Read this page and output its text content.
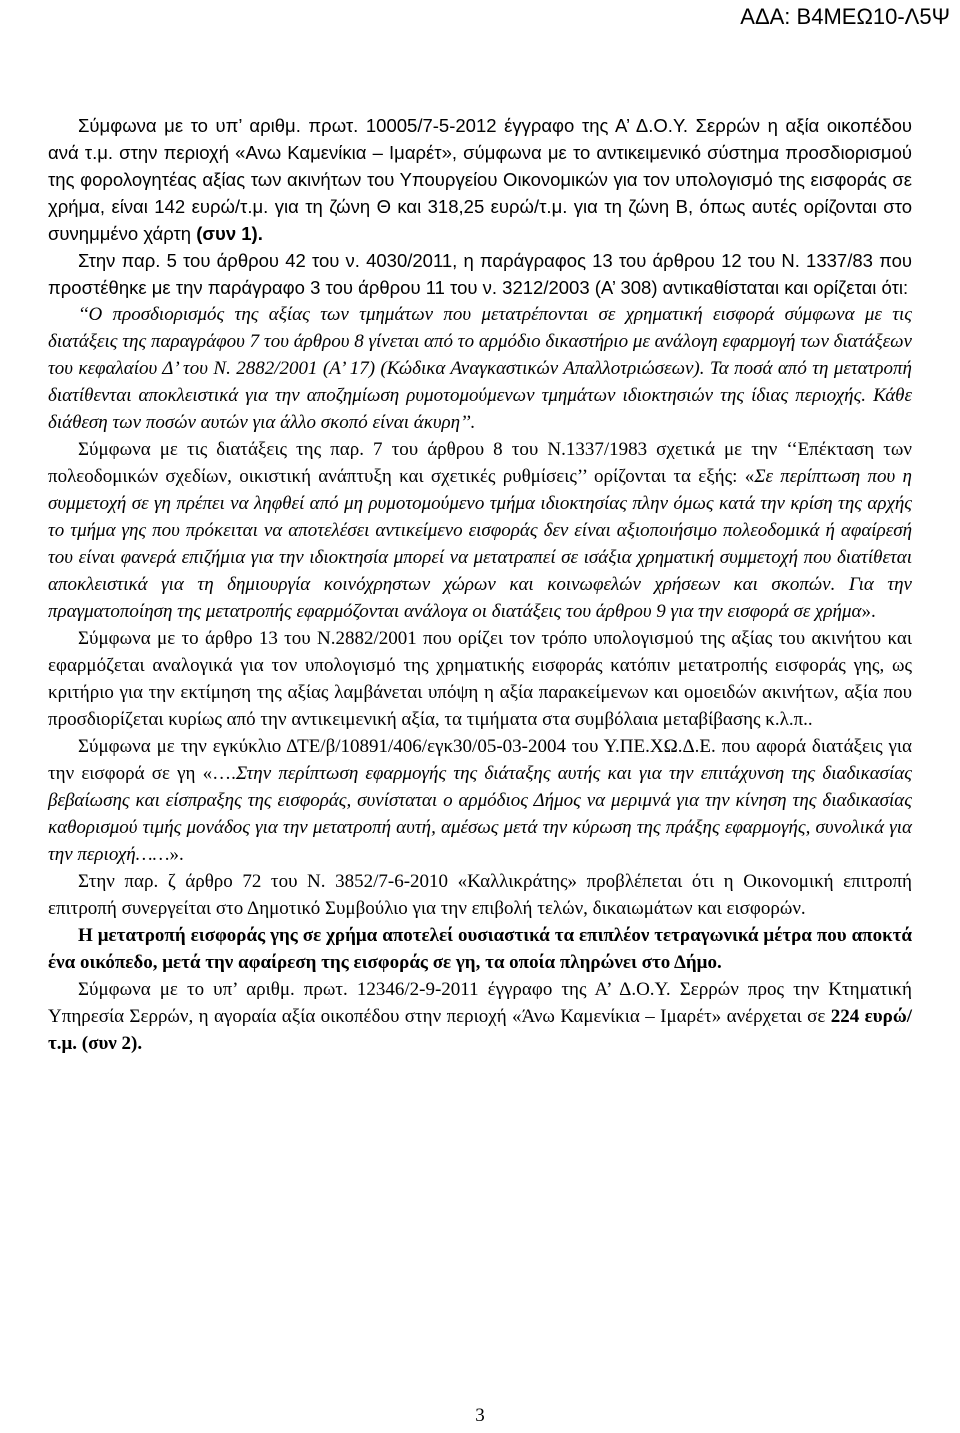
ΑΔΑ: Β4ΜΕΩ10-Λ5Ψ

Σύμφωνα με το υπ’ αριθμ. πρωτ. 10005/7-5-2012 έγγραφο της Α’ Δ.Ο.Υ. Σερρών η αξία οικοπέδου ανά τ.μ. στην περιοχή «Ανω Καμενίκια – Ιμαρέτ», σύμφωνα με το αντικειμενικό σύστημα προσδιορισμού της φορολογητέας αξίας των ακινήτων του Υπουργείου Οικονομικών για τον υπολογισμό της εισφοράς σε χρήμα, είναι 142 ευρώ/τ.μ. για τη ζώνη Θ και 318,25 ευρώ/τ.μ. για τη ζώνη Β, όπως αυτές ορίζονται στο συνημμένο χάρτη (συν 1).

Στην παρ. 5 του άρθρου 42 του ν. 4030/2011, η παράγραφος 13 του άρθρου 12 του Ν. 1337/83 που προστέθηκε με την παράγραφο 3 του άρθρου 11 του ν. 3212/2003 (Α’ 308) αντικαθίσταται και ορίζεται ότι:

‘‘Ο προσδιορισμός της αξίας των τμημάτων που μετατρέπονται σε χρηματική εισφορά σύμφωνα με τις διατάξεις της παραγράφου 7 του άρθρου 8 γίνεται από το αρμόδιο δικαστήριο με ανάλογη εφαρμογή των διατάξεων του κεφαλαίου Δ’ του Ν. 2882/2001 (Α’ 17) (Κώδικα Αναγκαστικών Απαλλοτριώσεων). Τα ποσά από τη μετατροπή διατίθενται αποκλειστικά για την αποζημίωση ρυμοτομούμενων τμημάτων ιδιοκτησιών της ίδιας περιοχής. Κάθε διάθεση των ποσών αυτών για άλλο σκοπό είναι άκυρη’’.

Σύμφωνα με τις διατάξεις της παρ. 7 του άρθρου 8 του Ν.1337/1983 σχετικά με την ‘‘Επέκταση των πολεοδομικών σχεδίων, οικιστική ανάπτυξη και σχετικές ρυθμίσεις’’ ορίζονται τα εξής: «Σε περίπτωση που η συμμετοχή σε γη πρέπει να ληφθεί από μη ρυμοτομούμενο τμήμα ιδιοκτησίας πλην όμως κατά την κρίση της αρχής το τμήμα γης που πρόκειται να αποτελέσει αντικείμενο εισφοράς δεν είναι αξιοποιήσιμο πολεοδομικά ή αφαίρεσή του είναι φανερά επιζήμια για την ιδιοκτησία μπορεί να μετατραπεί σε ισάξια χρηματική συμμετοχή που διατίθεται αποκλειστικά για τη δημιουργία κοινόχρηστων χώρων και κοινωφελών χρήσεων και σκοπών. Για την πραγματοποίηση της μετατροπής εφαρμόζονται ανάλογα οι διατάξεις του άρθρου 9 για την εισφορά σε χρήμα».

Σύμφωνα με το άρθρο 13 του Ν.2882/2001 που ορίζει τον τρόπο υπολογισμού της αξίας του ακινήτου και εφαρμόζεται αναλογικά για τον υπολογισμό της χρηματικής εισφοράς κατόπιν μετατροπής εισφοράς γης, ως κριτήριο για την εκτίμηση της αξίας λαμβάνεται υπόψη η αξία παρακείμενων και ομοειδών ακινήτων, αξία που προσδιορίζεται κυρίως από την αντικειμενική αξία, τα τιμήματα στα συμβόλαια μεταβίβασης κ.λ.π..

Σύμφωνα με την εγκύκλιο ΔΤΕ/β/10891/406/εγκ30/05-03-2004 του Υ.ΠΕ.ΧΩ.Δ.Ε. που αφορά διατάξεις για την εισφορά σε γη «….Στην περίπτωση εφαρμογής της διάταξης αυτής και για την επιτάχυνση της διαδικασίας βεβαίωσης και είσπραξης της εισφοράς, συνίσταται ο αρμόδιος Δήμος να μεριμνά για την κίνηση της διαδικασίας καθορισμού τιμής μονάδος για την μετατροπή αυτή, αμέσως μετά την κύρωση της πράξης εφαρμογής, συνολικά για την περιοχή……».

Στην παρ. ζ άρθρο 72 του Ν. 3852/7-6-2010 «Καλλικράτης» προβλέπεται ότι η Οικονομική επιτροπή επιτροπή συνεργείται στο Δημοτικό Συμβούλιο για την επιβολή τελών, δικαιωμάτων και εισφορών.

Η μετατροπή εισφοράς γης σε χρήμα αποτελεί ουσιαστικά τα επιπλέον τετραγωνικά μέτρα που αποκτά ένα οικόπεδο, μετά την αφαίρεση της εισφοράς σε γη, τα οποία πληρώνει στο Δήμο.

Σύμφωνα με το υπ’ αριθμ. πρωτ. 12346/2-9-2011 έγγραφο της Α’ Δ.Ο.Υ. Σερρών προς την Κτηματική Υπηρεσία Σερρών, η αγοραία αξία οικοπέδου στην περιοχή «Άνω Καμενίκια – Ιμαρέτ» ανέρχεται σε 224 ευρώ/τ.μ. (συν 2).

3
